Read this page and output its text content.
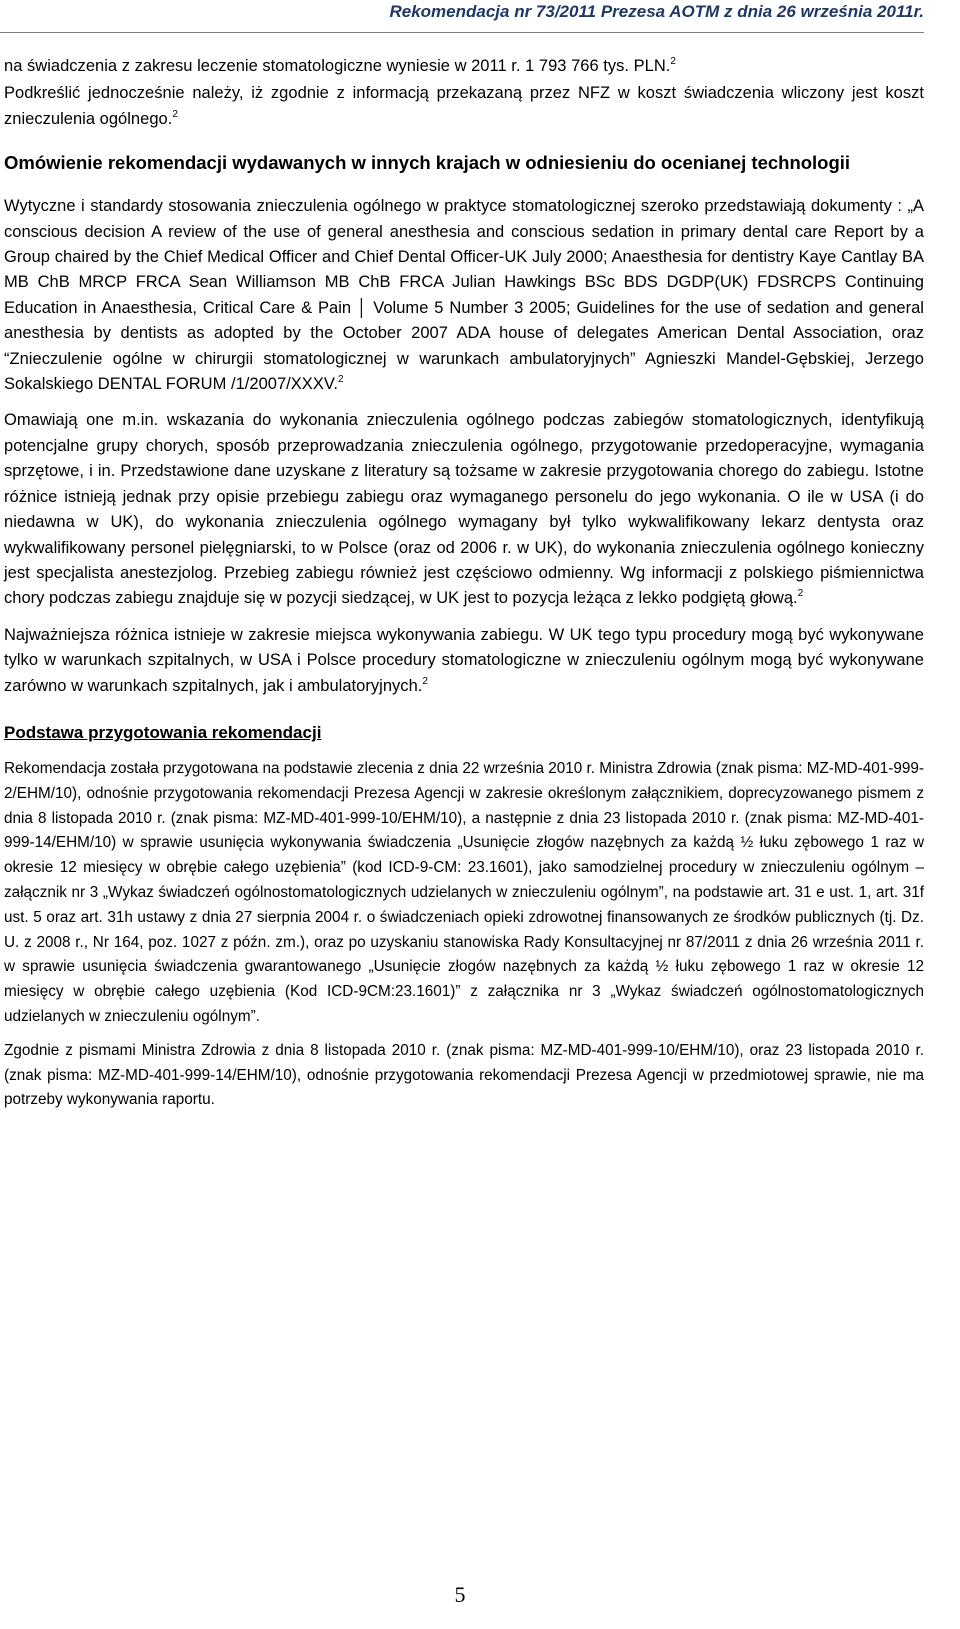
Rekomendacja nr 73/2011 Prezesa AOTM z dnia 26 września 2011r.

na świadczenia z zakresu leczenie stomatologiczne wyniesie w 2011 r. 1 793 766 tys. PLN.$^2$

Podkreślić jednocześnie należy, iż zgodnie z informacją przekazaną przez NFZ w koszt świadczenia wliczony jest koszt znieczulenia ogólnego.$^2$

Omówienie rekomendacji wydawanych w innych krajach w odniesieniu do ocenianej technologii

Wytyczne i standardy stosowania znieczulenia ogólnego w praktyce stomatologicznej szeroko przedstawiają dokumenty : „A conscious decision A review of the use of general anesthesia and conscious sedation in primary dental care Report by a Group chaired by the Chief Medical Officer and Chief Dental Officer-UK July 2000; Anaesthesia for dentistry Kaye Cantlay BA MB ChB MRCP FRCA Sean Williamson MB ChB FRCA Julian Hawkings BSc BDS DGDP(UK) FDSRCPS Continuing Education in Anaesthesia, Critical Care & Pain │ Volume 5 Number 3 2005; Guidelines for the use of sedation and general anesthesia by dentists as adopted by the October 2007 ADA house of delegates American Dental Association, oraz “Znieczulenie ogólne w chirurgii stomatologicznej w warunkach ambulatoryjnych” Agnieszki Mandel-Gębskiej, Jerzego Sokalskiego DENTAL FORUM /1/2007/XXXV.$^2$

Omawiają one m.in. wskazania do wykonania znieczulenia ogólnego podczas zabiegów stomatologicznych, identyfikują potencjalne grupy chorych, sposób przeprowadzania znieczulenia ogólnego, przygotowanie przedoperacyjne, wymagania sprzętowe, i in. Przedstawione dane uzyskane z literatury są tożsame w zakresie przygotowania chorego do zabiegu. Istotne różnice istnieją jednak przy opisie przebiegu zabiegu oraz wymaganego personelu do jego wykonania. O ile w USA (i do niedawna w UK), do wykonania znieczulenia ogólnego wymagany był tylko wykwalifikowany lekarz dentysta oraz wykwalifikowany personel pielęgniarski, to w Polsce (oraz od 2006 r. w UK), do wykonania znieczulenia ogólnego konieczny jest specjalista anestezjolog. Przebieg zabiegu również jest częściowo odmienny. Wg informacji z polskiego piśmiennictwa chory podczas zabiegu znajduje się w pozycji siedzącej, w UK jest to pozycja leżąca z lekko podgiętą głową.$^2$

Najważniejsza różnica istnieje w zakresie miejsca wykonywania zabiegu. W UK tego typu procedury mogą być wykonywane tylko w warunkach szpitalnych, w USA i Polsce procedury stomatologiczne w znieczuleniu ogólnym mogą być wykonywane zarówno w warunkach szpitalnych, jak i ambulatoryjnych.$^2$

Podstawa przygotowania rekomendacji

Rekomendacja została przygotowana na podstawie zlecenia z dnia 22 września 2010 r. Ministra Zdrowia (znak pisma: MZ-MD-401-999-2/EHM/10), odnośnie przygotowania rekomendacji Prezesa Agencji w zakresie określonym załącznikiem, doprecyzowanego pismem z dnia 8 listopada 2010 r. (znak pisma: MZ-MD-401-999-10/EHM/10), a następnie z dnia 23 listopada 2010 r. (znak pisma: MZ-MD-401-999-14/EHM/10) w sprawie usunięcia wykonywania świadczenia „Usunięcie złogów nazębnych za każdą ½ łuku zębowego 1 raz w okresie 12 miesięcy w obrębie całego uzębienia” (kod ICD-9-CM: 23.1601), jako samodzielnej procedury w znieczuleniu ogólnym – załącznik nr 3 „Wykaz świadczeń ogólnostomatologicznych udzielanych w znieczuleniu ogólnym”, na podstawie art. 31 e ust. 1, art. 31f ust. 5 oraz art. 31h ustawy z dnia 27 sierpnia 2004 r. o świadczeniach opieki zdrowotnej finansowanych ze środków publicznych (tj. Dz. U. z 2008 r., Nr 164, poz. 1027 z późn. zm.), oraz po uzyskaniu stanowiska Rady Konsultacyjnej nr 87/2011 z dnia 26 września 2011 r. w sprawie usunięcia świadczenia gwarantowanego „Usunięcie złogów nazębnych za każdą ½ łuku zębowego 1 raz w okresie 12 miesięcy w obrębie całego uzębienia (Kod ICD-9CM:23.1601)” z załącznika nr 3 „Wykaz świadczeń ogólnostomatologicznych udzielanych w znieczuleniu ogólnym”.

Zgodnie z pismami Ministra Zdrowia z dnia 8 listopada 2010 r. (znak pisma: MZ-MD-401-999-10/EHM/10), oraz 23 listopada 2010 r. (znak pisma: MZ-MD-401-999-14/EHM/10), odnośnie przygotowania rekomendacji Prezesa Agencji w przedmiotowej sprawie, nie ma potrzeby wykonywania raportu.

5
